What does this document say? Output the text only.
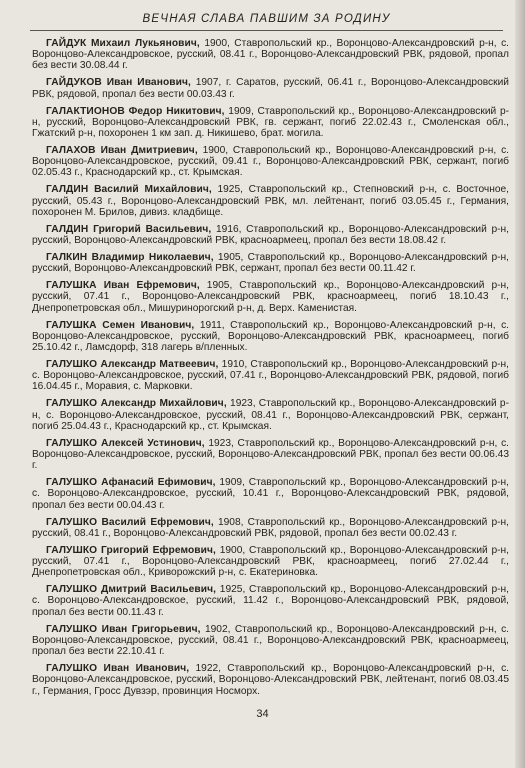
ВЕЧНАЯ СЛАВА ПАВШИМ ЗА РОДИНУ

ГАЙДУК Михаил Лукьянович, 1900, Ставропольский кр., Воронцово-Александровский р-н, с. Воронцово-Александровское, русский, 08.41 г., Воронцово-Александровский РВК, рядовой, пропал без вести 30.08.44 г.

ГАЙДУКОВ Иван Иванович, 1907, г. Саратов, русский, 06.41 г., Воронцово-Александровский РВК, рядовой, пропал без вести 00.03.43 г.

ГАЛАКТИОНОВ Федор Никитович, 1909, Ставропольский кр., Воронцово-Александровский р-н, русский, Воронцово-Александровский РВК, гв. сержант, погиб 22.02.43 г., Смоленская обл., Гжатский р-н, похоронен 1 км зап. д. Никишево, брат. могила.

ГАЛАХОВ Иван Дмитриевич, 1900, Ставропольский кр., Воронцово-Александровский р-н, с. Воронцово-Александровское, русский, 09.41 г., Воронцово-Александровский РВК, сержант, погиб 02.05.43 г., Краснодарский кр., ст. Крымская.

ГАЛДИН Василий Михайлович, 1925, Ставропольский кр., Степновский р-н, с. Восточное, русский, 05.43 г., Воронцово-Александровский РВК, мл. лейтенант, погиб 03.05.45 г., Германия, похоронен М. Брилов, дивиз. кладбище.

ГАЛДИН Григорий Васильевич, 1916, Ставропольский кр., Воронцово-Александровский р-н, русский, Воронцово-Александровский РВК, красноармеец, пропал без вести 18.08.42 г.

ГАЛКИН Владимир Николаевич, 1905, Ставропольский кр., Воронцово-Александровский р-н, русский, Воронцово-Александровский РВК, сержант, пропал без вести 00.11.42 г.

ГАЛУШКА Иван Ефремович, 1905, Ставропольский кр., Воронцово-Александровский р-н, русский, 07.41 г., Воронцово-Александровский РВК, красноармеец, погиб 18.10.43 г., Днепропетровская обл., Мишуринорогский р-н, д. Верх. Каменистая.

ГАЛУШКА Семен Иванович, 1911, Ставропольский кр., Воронцово-Александровский р-н, с. Воронцово-Александровское, русский, Воронцово-Александровский РВК, красноармеец, погиб 25.10.42 г., Ламсдорф, 318 лагерь в/пленных.

ГАЛУШКО Александр Матвеевич, 1910, Ставропольский кр., Воронцово-Александровский р-н, с. Воронцово-Александровское, русский, 07.41 г., Воронцово-Александровский РВК, рядовой, погиб 16.04.45 г., Моравия, с. Марковки.

ГАЛУШКО Александр Михайлович, 1923, Ставропольский кр., Воронцово-Александровский р-н, с. Воронцово-Александровское, русский, 08.41 г., Воронцово-Александровский РВК, сержант, погиб 25.04.43 г., Краснодарский кр., ст. Крымская.

ГАЛУШКО Алексей Устинович, 1923, Ставропольский кр., Воронцово-Александровский р-н, с. Воронцово-Александровское, русский, Воронцово-Александровский РВК, пропал без вести 00.06.43 г.

ГАЛУШКО Афанасий Ефимович, 1909, Ставропольский кр., Воронцово-Александровский р-н, с. Воронцово-Александровское, русский, 10.41 г., Воронцово-Александровский РВК, рядовой, пропал без вести 00.04.43 г.

ГАЛУШКО Василий Ефремович, 1908, Ставропольский кр., Воронцово-Александровский р-н, русский, 08.41 г., Воронцово-Александровский РВК, рядовой, пропал без вести 00.02.43 г.

ГАЛУШКО Григорий Ефремович, 1900, Ставропольский кр., Воронцово-Александровский р-н, русский, 07.41 г., Воронцово-Александровский РВК, красноармеец, погиб 27.02.44 г., Днепропетровская обл., Криворожский р-н, с. Екатериновка.

ГАЛУШКО Дмитрий Васильевич, 1925, Ставропольский кр., Воронцово-Александровский р-н, с. Воронцово-Александровское, русский, 11.42 г., Воронцово-Александровский РВК, рядовой, пропал без вести 00.11.43 г.

ГАЛУШКО Иван Григорьевич, 1902, Ставропольский кр., Воронцово-Александровский р-н, с. Воронцово-Александровское, русский, 08.41 г., Воронцово-Александровский РВК, красноармеец, пропал без вести 22.10.41 г.

ГАЛУШКО Иван Иванович, 1922, Ставропольский кр., Воронцово-Александровский р-н, с. Воронцово-Александровское, русский, Воронцово-Александровский РВК, лейтенант, погиб 08.03.45 г., Германия, Гросс Дувзэр, провинция Носморх.

34
